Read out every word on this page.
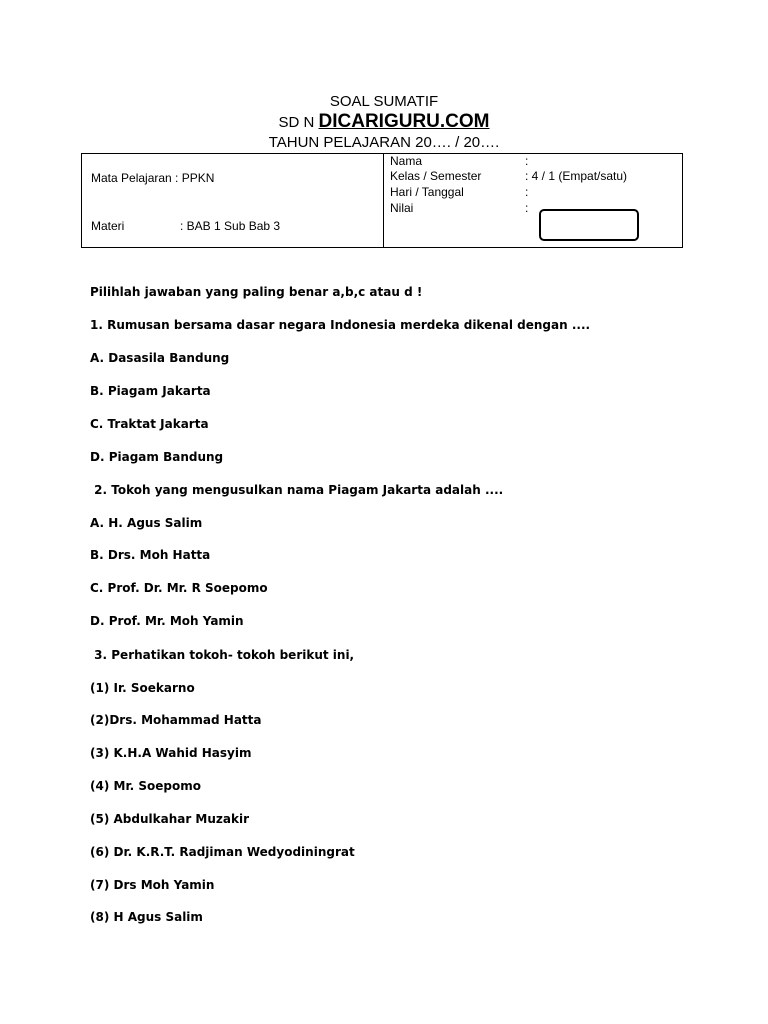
SOAL SUMATIF
SD N DICARIGURU.COM
TAHUN PELAJARAN 20…. / 20….
Mata Pelajaran : PPKN
Materi	: BAB 1 Sub Bab 3
Nama	:
Kelas / Semester	: 4 / 1 (Empat/satu)
Hari / Tanggal	:
Nilai	:
Pilihlah jawaban yang paling benar a,b,c atau d !
1. Rumusan bersama dasar negara Indonesia merdeka dikenal dengan ....
A. Dasasila Bandung
B. Piagam Jakarta
C. Traktat Jakarta
D. Piagam Bandung
2. Tokoh yang mengusulkan nama Piagam Jakarta adalah ....
A. H. Agus Salim
B. Drs. Moh Hatta
C. Prof. Dr. Mr. R Soepomo
D. Prof. Mr. Moh Yamin
3. Perhatikan tokoh- tokoh berikut ini,
(1) Ir. Soekarno
(2)Drs. Mohammad Hatta
(3) K.H.A Wahid Hasyim
(4) Mr. Soepomo
(5) Abdulkahar Muzakir
(6) Dr. K.R.T. Radjiman Wedyodiningrat
(7) Drs Moh Yamin
(8) H Agus Salim
